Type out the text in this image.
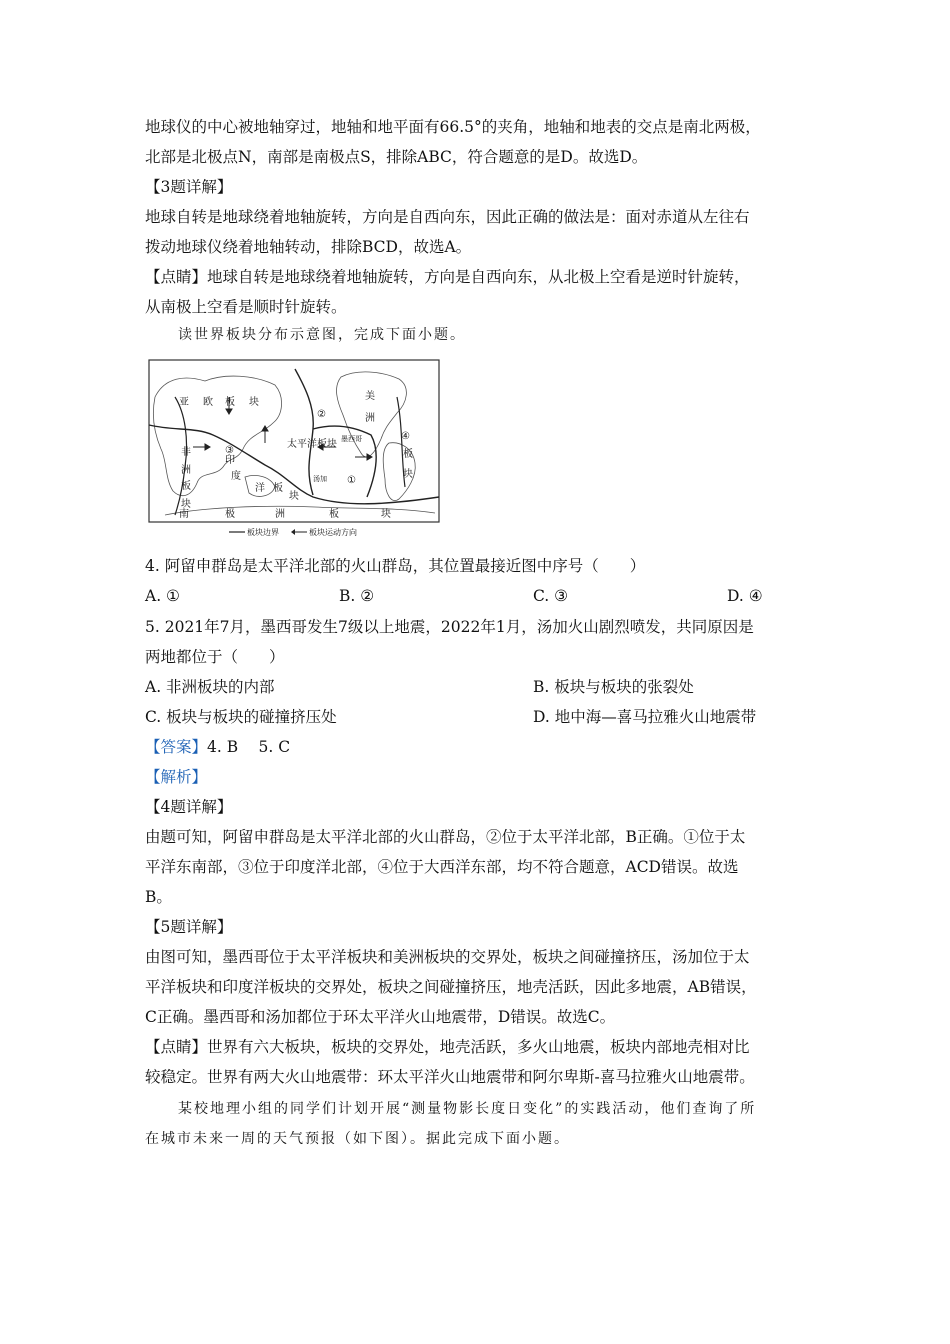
地球仪的中心被地轴穿过，地轴和地平面有66.5°的夹角，地轴和地表的交点是南北两极，
北部是北极点N，南部是南极点S，排除ABC，符合题意的是D。故选D。
【3题详解】
地球自转是地球绕着地轴旋转，方向是自西向东，因此正确的做法是：面对赤道从左往右
拨动地球仪绕着地轴转动，排除BCD，故选A。
【点睛】地球自转是地球绕着地轴旋转，方向是自西向东，从北极上空看是逆时针旋转，
从南极上空看是顺时针旋转。
读世界板块分布示意图，完成下面小题。
亚 欧 板 块
美
洲
板
块
非
洲
板
块
印
度
洋 板
块
太平洋板块 墨西哥
汤加
南	极	洲	板	块
②
①
③
④
板块边界	板块运动方向
4. 阿留申群岛是太平洋北部的火山群岛，其位置最接近图中序号（　　）
A. ①	B. ②	C. ③	D. ④
5. 2021年7月，墨西哥发生7级以上地震，2022年1月，汤加火山剧烈喷发，共同原因是
两地都位于（　　）
A. 非洲板块的内部	B. 板块与板块的张裂处
C. 板块与板块的碰撞挤压处	D. 地中海—喜马拉雅火山地震带
【答案】4. B　 5. C
【解析】
【4题详解】
由题可知，阿留申群岛是太平洋北部的火山群岛，②位于太平洋北部，B正确。①位于太
平洋东南部，③位于印度洋北部，④位于大西洋东部，均不符合题意，ACD错误。故选
B。
【5题详解】
由图可知，墨西哥位于太平洋板块和美洲板块的交界处，板块之间碰撞挤压，汤加位于太
平洋板块和印度洋板块的交界处，板块之间碰撞挤压，地壳活跃，因此多地震，AB错误，
C正确。墨西哥和汤加都位于环太平洋火山地震带，D错误。故选C。
【点睛】世界有六大板块，板块的交界处，地壳活跃，多火山地震，板块内部地壳相对比
较稳定。世界有两大火山地震带：环太平洋火山地震带和阿尔卑斯-喜马拉雅火山地震带。
某校地理小组的同学们计划开展“测量物影长度日变化”的实践活动，他们查询了所
在城市未来一周的天气预报（如下图）。据此完成下面小题。
